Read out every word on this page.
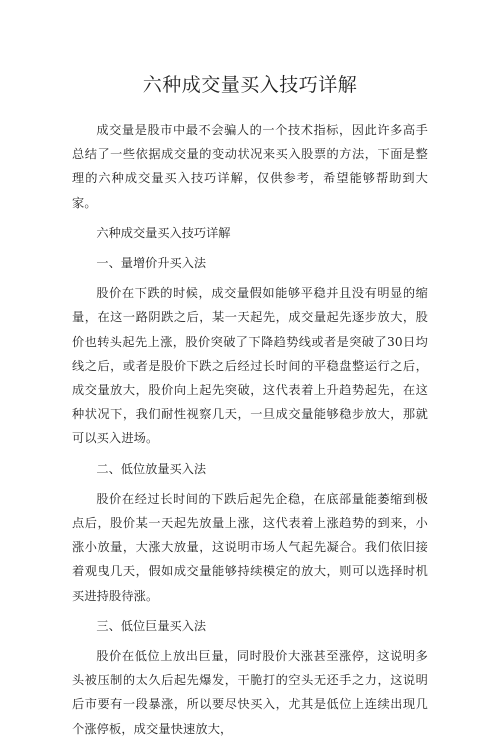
六种成交量买入技巧详解

成交量是股市中最不会骗人的一个技术指标，因此许多高手总结了一些依据成交量的变动状况来买入股票的方法，下面是整理的六种成交量买入技巧详解，仅供参考，希望能够帮助到大家。

六种成交量买入技巧详解

一、量增价升买入法

股价在下跌的时候，成交量假如能够平稳并且没有明显的缩量，在这一路阴跌之后，某一天起先，成交量起先逐步放大，股价也转头起先上涨，股价突破了下降趋势线或者是突破了30日均线之后，或者是股价下跌之后经过长时间的平稳盘整运行之后，成交量放大，股价向上起先突破，这代表着上升趋势起先，在这种状况下，我们耐性视察几天，一旦成交量能够稳步放大，那就可以买入进场。

二、低位放量买入法

股价在经过长时间的下跌后起先企稳，在底部量能萎缩到极点后，股价某一天起先放量上涨，这代表着上涨趋势的到来，小涨小放量，大涨大放量，这说明市场人气起先凝合。我们依旧接着观曳几天，假如成交量能够持续模定的放大，则可以选择时机买进持股待涨。

三、低位巨量买入法

股价在低位上放出巨量，同时股价大涨甚至涨停，这说明多头被压制的太久后起先爆发，干脆打的空头无还手之力，这说明后市要有一段暴涨，所以要尽快买入，尤其是低位上连续出现几个涨停板，成交量快速放大，
